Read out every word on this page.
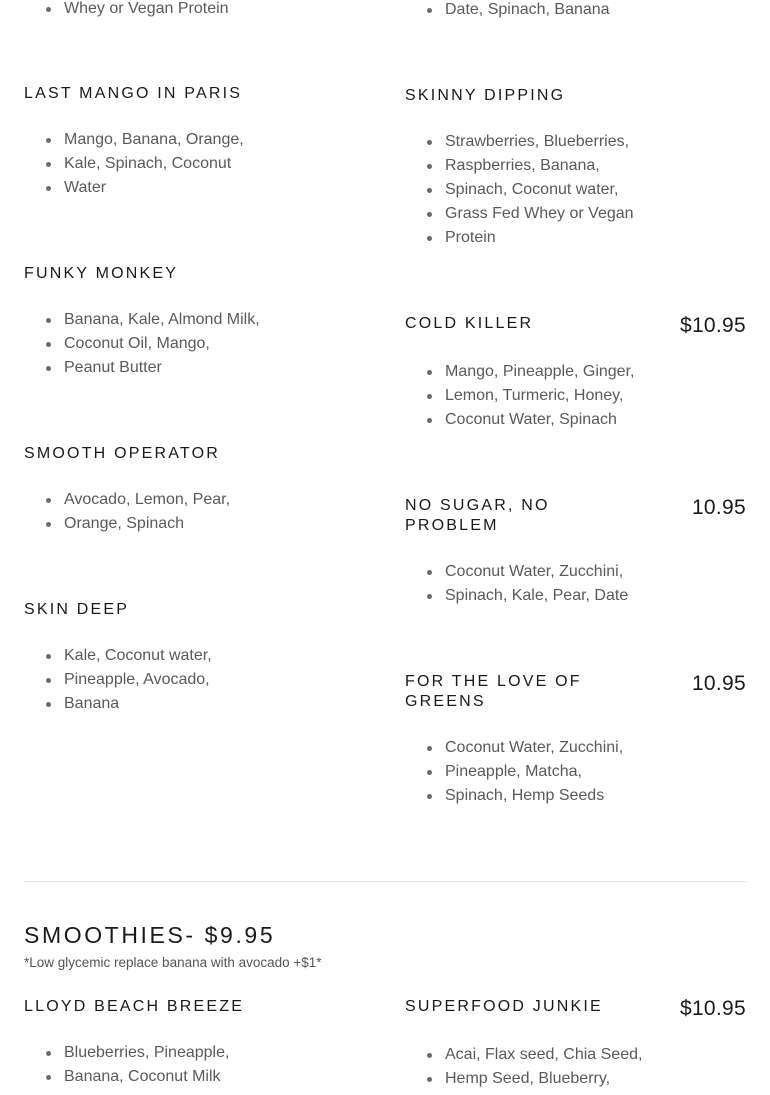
Whey or Vegan Protein	Date, Spinach, Banana
LAST MANGO IN PARIS
Mango, Banana, Orange,
Kale, Spinach, Coconut
Water
FUNKY MONKEY
Banana, Kale, Almond Milk,
Coconut Oil, Mango,
Peanut Butter
SMOOTH OPERATOR
Avocado, Lemon, Pear,
Orange, Spinach
SKIN DEEP
Kale, Coconut water,
Pineapple, Avocado,
Banana
SKINNY DIPPING
Strawberries, Blueberries,
Raspberries, Banana,
Spinach, Coconut water,
Grass Fed Whey or Vegan
Protein
COLD KILLER	$10.95
Mango, Pineapple, Ginger,
Lemon, Turmeric, Honey,
Coconut Water, Spinach
NO SUGAR, NO
PROBLEM
10.95
Coconut Water, Zucchini,
Spinach, Kale, Pear, Date
FOR THE LOVE OF
GREENS
10.95
Coconut Water, Zucchini,
Pineapple, Matcha,
Spinach, Hemp Seeds
SMOOTHIES- $9.95
*Low glycemic replace banana with avocado +$1*
LLOYD BEACH BREEZE
Blueberries, Pineapple,
Banana, Coconut Milk
SUPERFOOD JUNKIE	$10.95
Acai, Flax seed, Chia Seed,
Hemp Seed, Blueberry,
